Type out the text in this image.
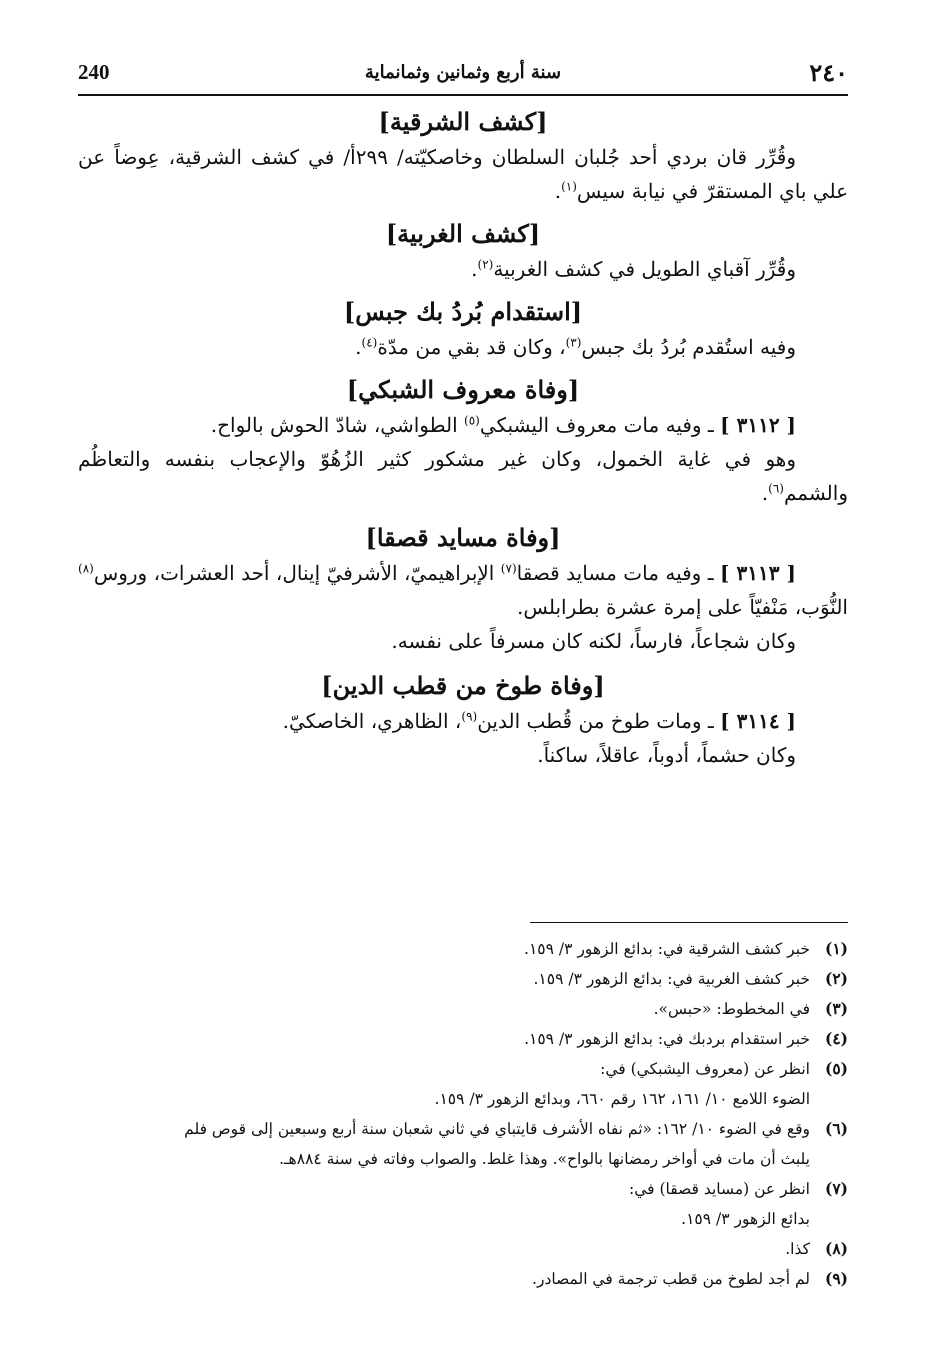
٢٤٠
سنة أربع وثمانين وثمانماية
240
[كشف الشرقية]

وقُرِّر قان بردي أحد جُلبان السلطان وخاصكيّته/ ٢٩٩أ/ في كشف الشرقية، عِوضاً عن علي باي المستقرّ في نيابة سيس$^{(١)}$.

[كشف الغربية]

وقُرِّر آقباي الطويل في كشف الغربية$^{(٢)}$.

[استقدام بُردُ بك جبس]

وفيه استُقدم بُردُ بك جبس$^{(٣)}$، وكان قد بقي من مدّة$^{(٤)}$.

[وفاة معروف الشبكي]

[ ٣١١٢ ] ـ وفيه مات معروف اليشبكي$^{(٥)}$ الطواشي، شادّ الحوش بالواح.

وهو في غاية الخمول، وكان غير مشكور كثير الزُهُوّ والإعجاب بنفسه والتعاظُم والشمم$^{(٦)}$.

[وفاة مسايد قصقا]

[ ٣١١٣ ] ـ وفيه مات مسايد قصقا$^{(٧)}$ الإبراهيميّ، الأشرفيّ إينال، أحد العشرات، وروس$^{(٨)}$ النُّوَب، مَنْفيّاً على إمرة عشرة بطرابلس.

وكان شجاعاً، فارساً، لكنه كان مسرفاً على نفسه.

[وفاة طوخ من قطب الدين]

[ ٣١١٤ ] ـ ومات طوخ من قُطب الدين$^{(٩)}$، الظاهري، الخاصكيّ.

وكان حشماً، أدوباً، عاقلاً، ساكناً.

(١)
خبر كشف الشرقية في: بدائع الزهور ٣/ ١٥٩.
(٢)
خبر كشف الغربية في: بدائع الزهور ٣/ ١٥٩.
(٣)
في المخطوط: «حبس».
(٤)
خبر استقدام بردبك في: بدائع الزهور ٣/ ١٥٩.
(٥)
انظر عن (معروف اليشبكي) في:
الضوء اللامع ١٠/ ١٦١، ١٦٢ رقم ٦٦٠، وبدائع الزهور ٣/ ١٥٩.
(٦)
وقع في الضوء ١٠/ ١٦٢: «ثم نفاه الأشرف قايتباي في ثاني شعبان سنة أربع وسبعين إلى قوص فلم
يلبث أن مات في أواخر رمضانها بالواح». وهذا غلط. والصواب وفاته في سنة ٨٨٤هـ.
(٧)
انظر عن (مسايد قصقا) في:
بدائع الزهور ٣/ ١٥٩.
(٨)
كذا.
(٩)
لم أجد لطوخ من قطب ترجمة في المصادر.
